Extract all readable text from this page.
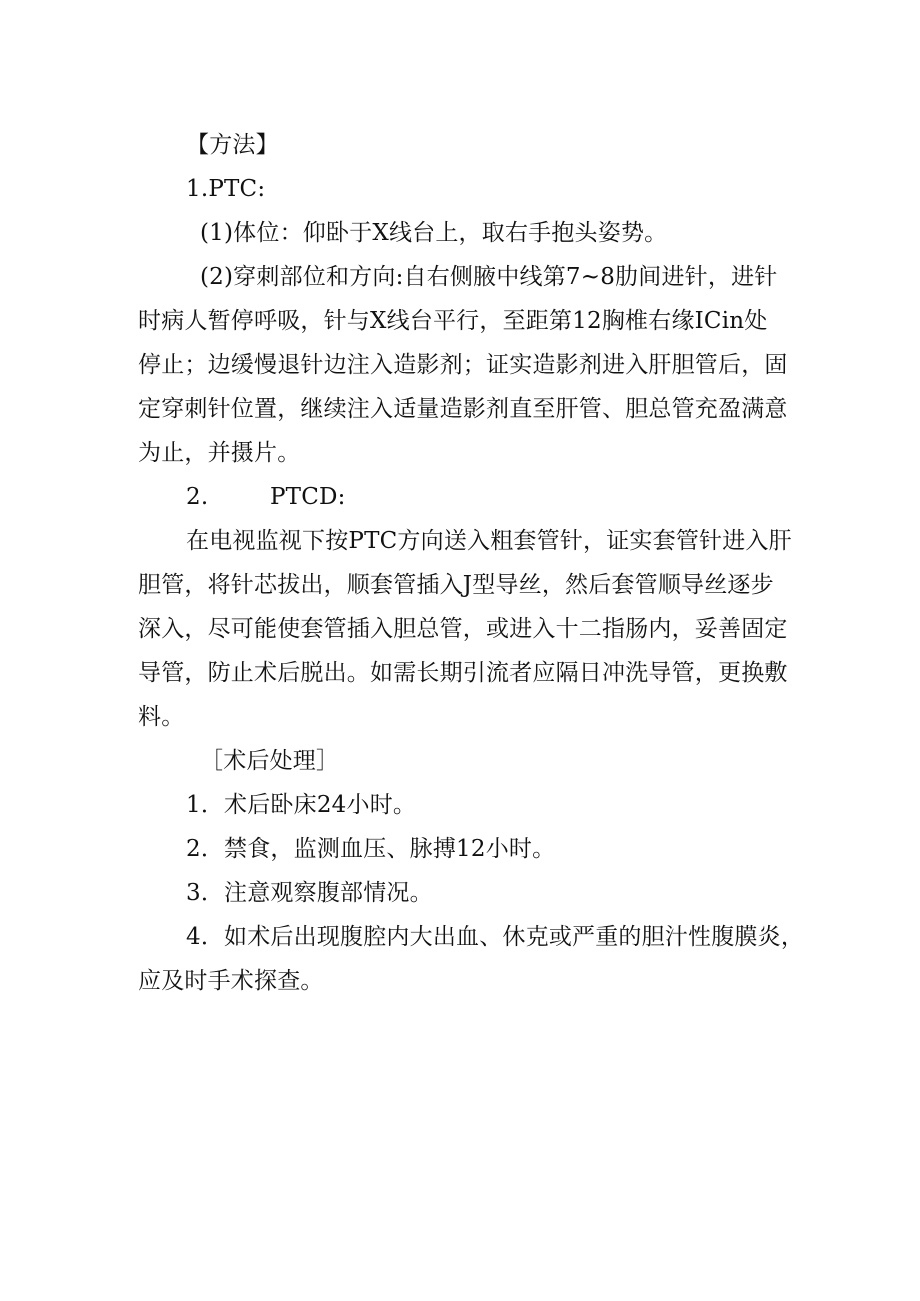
【方法】
1.PTC:
(1)体位：仰卧于X线台上，取右手抱头姿势。
(2)穿刺部位和方向:自右侧腋中线第7~8肋间进针，进针
时病人暂停呼吸，针与X线台平行，至距第12胸椎右缘ICin处
停止；边缓慢退针边注入造影剂；证实造影剂进入肝胆管后，固
定穿刺针位置，继续注入适量造影剂直至肝管、胆总管充盈满意
为止，并摄片。
2.	PTCD:
在电视监视下按PTC方向送入粗套管针，证实套管针进入肝
胆管，将针芯拔出，顺套管插入J型导丝，然后套管顺导丝逐步
深入，尽可能使套管插入胆总管，或进入十二指肠内，妥善固定
导管，防止术后脱出。如需长期引流者应隔日冲洗导管，更换敷
料。
［术后处理］
1．术后卧床24小时。
2．禁食，监测血压、脉搏12小时。
3．注意观察腹部情况。
4．如术后出现腹腔内大出血、休克或严重的胆汁性腹膜炎，
应及时手术探查。
